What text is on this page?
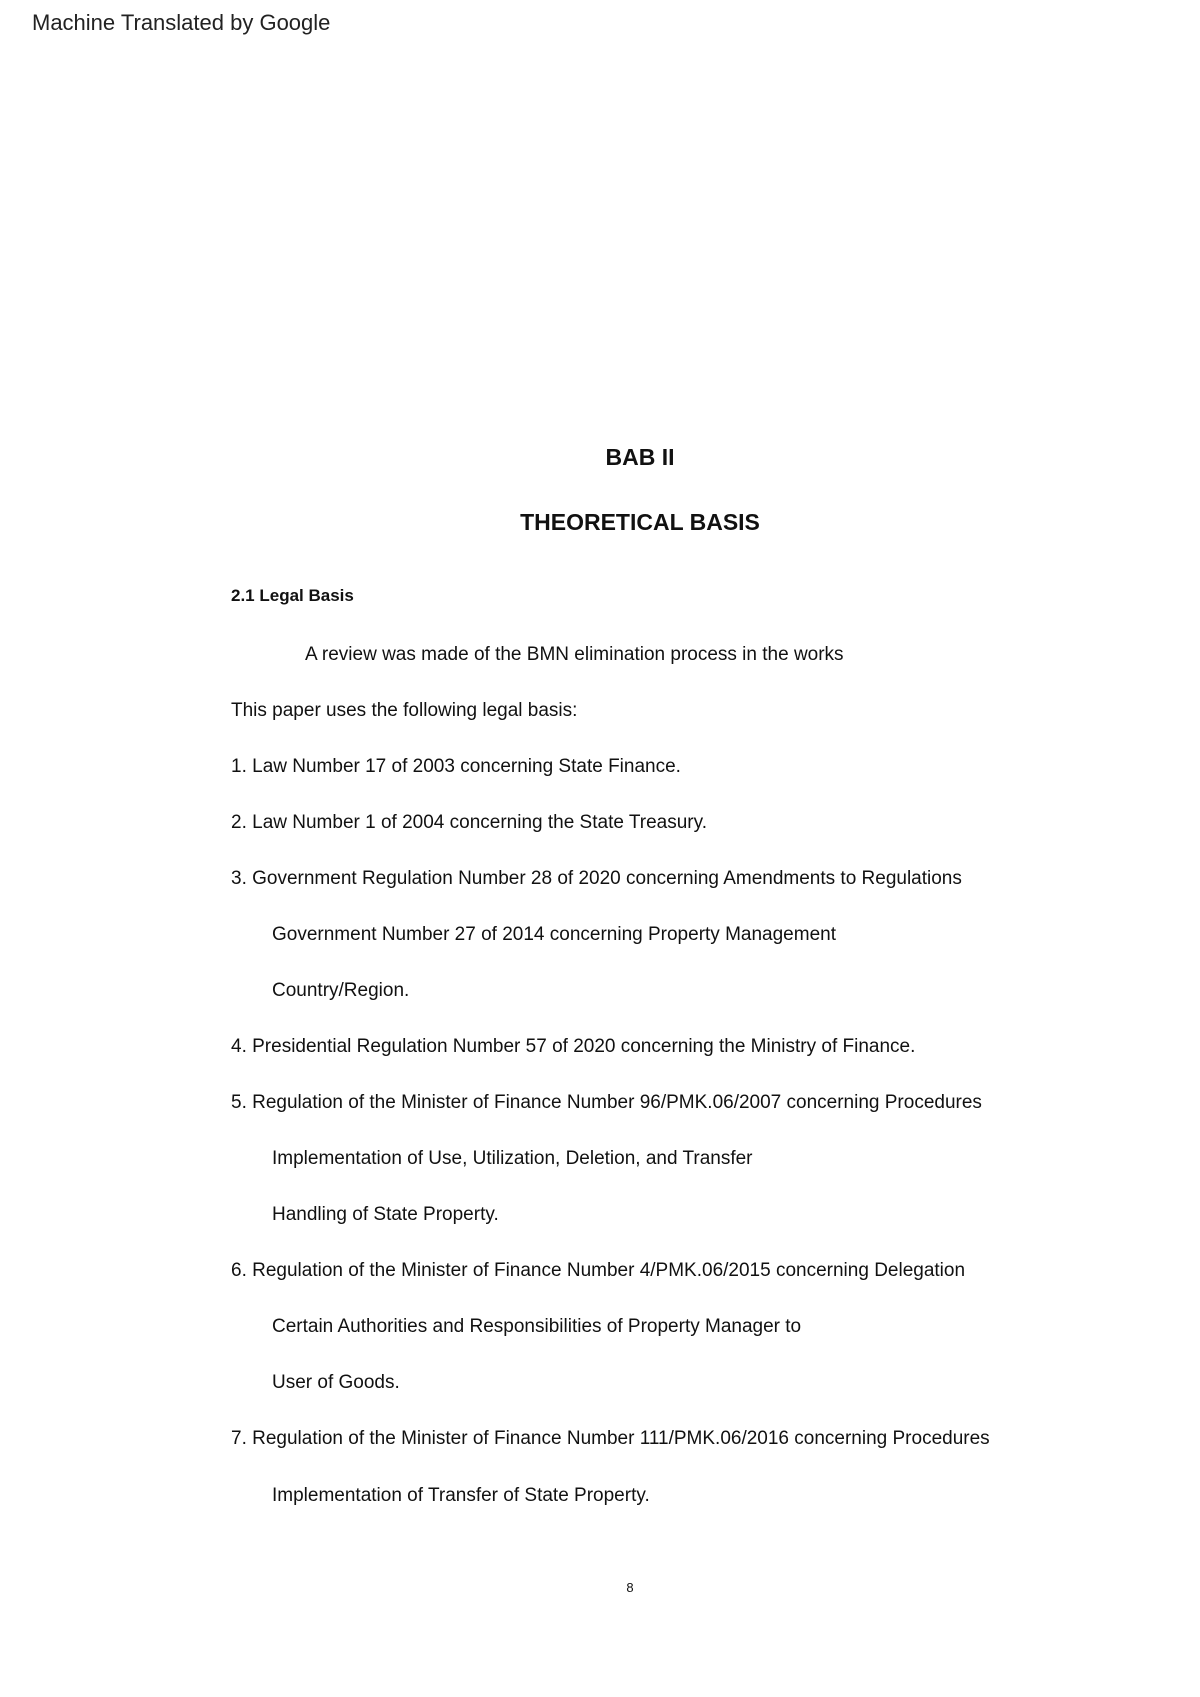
Machine Translated by Google
BAB II
THEORETICAL BASIS
2.1 Legal Basis
A review was made of the BMN elimination process in the works
This paper uses the following legal basis:
1. Law Number 17 of 2003 concerning State Finance.
2. Law Number 1 of 2004 concerning the State Treasury.
3. Government Regulation Number 28 of 2020 concerning Amendments to Regulations
Government Number 27 of 2014 concerning Property Management
Country/Region.
4. Presidential Regulation Number 57 of 2020 concerning the Ministry of Finance.
5. Regulation of the Minister of Finance Number 96/PMK.06/2007 concerning Procedures
Implementation of Use, Utilization, Deletion, and Transfer
Handling of State Property.
6. Regulation of the Minister of Finance Number 4/PMK.06/2015 concerning Delegation
Certain Authorities and Responsibilities of Property Manager to
User of Goods.
7. Regulation of the Minister of Finance Number 111/PMK.06/2016 concerning Procedures
Implementation of Transfer of State Property.
8
